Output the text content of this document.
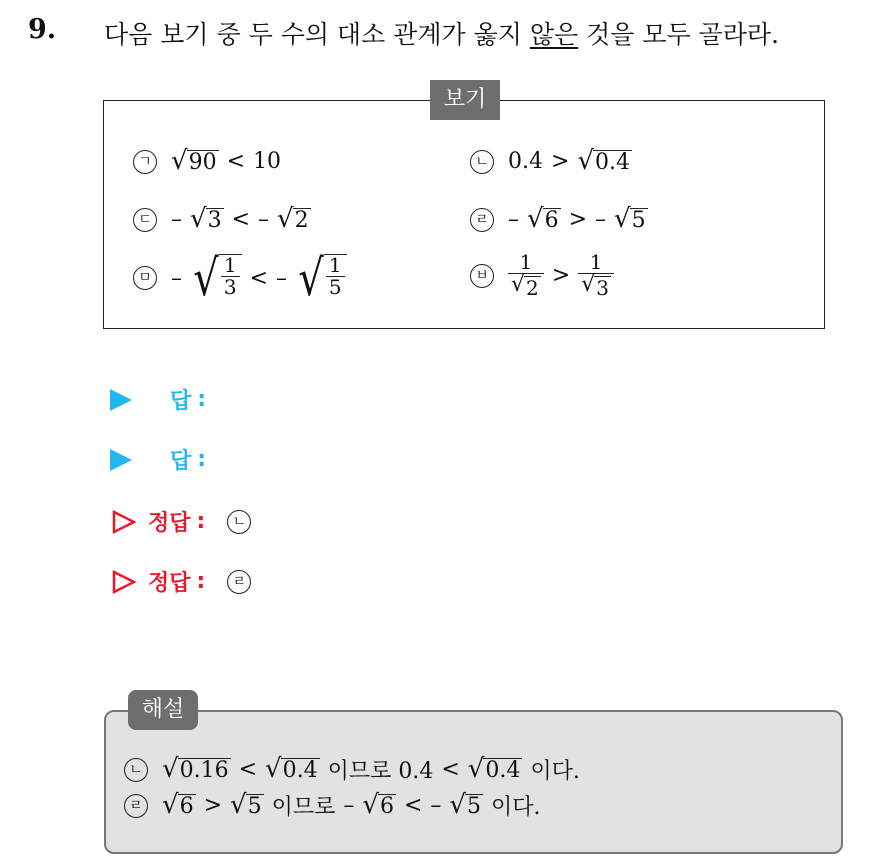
9. 다음 보기 중 두 수의 대소 관계가 옳지 않은 것을 모두 골라라.
보기
ㄱ √ 90 < 10	ㄴ 0.4 > √ 0.4
ㄷ – √ 3 < – √ 2	ㄹ – √ 6 > – √ 5
ㅁ – √ $\frac{1}{3}$ < – √ $\frac{1}{5}$	ㅂ $\frac{1}{√ 2} > \frac{1}{√ 3}$
답 :
답 :
정답 :	ㄴ
정답 :	ㄹ
해설
ㄴ √ 0.16 < √ 0.4 이므로 0.4 < √ 0.4 이다.
ㄹ √ 6 > √ 5 이므로 – √ 6 < – √ 5 이다.
